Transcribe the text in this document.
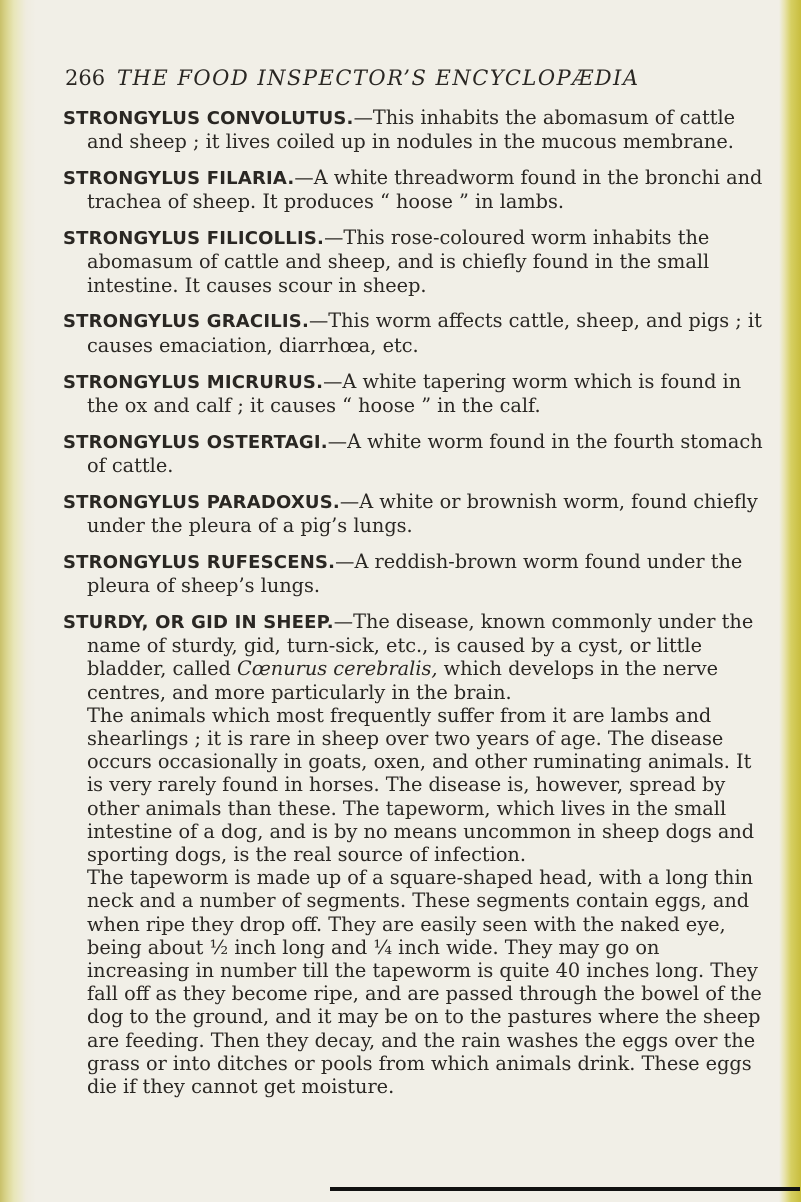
266 THE FOOD INSPECTOR’S ENCYCLOPÆDIA
STRONGYLUS CONVOLUTUS.—This inhabits the abomasum of cattle and sheep ; it lives coiled up in nodules in the mucous membrane.
STRONGYLUS FILARIA.—A white threadworm found in the bronchi and trachea of sheep. It produces “ hoose ” in lambs.
STRONGYLUS FILICOLLIS.—This rose-coloured worm inhabits the abomasum of cattle and sheep, and is chiefly found in the small intestine. It causes scour in sheep.
STRONGYLUS GRACILIS.—This worm affects cattle, sheep, and pigs ; it causes emaciation, diarrhœa, etc.
STRONGYLUS MICRURUS.—A white tapering worm which is found in the ox and calf ; it causes “ hoose ” in the calf.
STRONGYLUS OSTERTAGI.—A white worm found in the fourth stomach of cattle.
STRONGYLUS PARADOXUS.—A white or brownish worm, found chiefly under the pleura of a pig’s lungs.
STRONGYLUS RUFESCENS.—A reddish-brown worm found under the pleura of sheep’s lungs.
STURDY, OR GID IN SHEEP.—The disease, known commonly under the name of sturdy, gid, turn-sick, etc., is caused by a cyst, or little bladder, called Cœnurus cerebralis, which develops in the nerve centres, and more particularly in the brain.

The animals which most frequently suffer from it are lambs and shearlings ; it is rare in sheep over two years of age. The disease occurs occasionally in goats, oxen, and other ruminating animals. It is very rarely found in horses. The disease is, however, spread by other animals than these. The tapeworm, which lives in the small intestine of a dog, and is by no means uncommon in sheep dogs and sporting dogs, is the real source of infection.

The tapeworm is made up of a square-shaped head, with a long thin neck and a number of segments. These segments contain eggs, and when ripe they drop off. They are easily seen with the naked eye, being about ½ inch long and ¼ inch wide. They may go on increasing in number till the tapeworm is quite 40 inches long. They fall off as they become ripe, and are passed through the bowel of the dog to the ground, and it may be on to the pastures where the sheep are feeding. Then they decay, and the rain washes the eggs over the grass or into ditches or pools from which animals drink. These eggs die if they cannot get moisture.
